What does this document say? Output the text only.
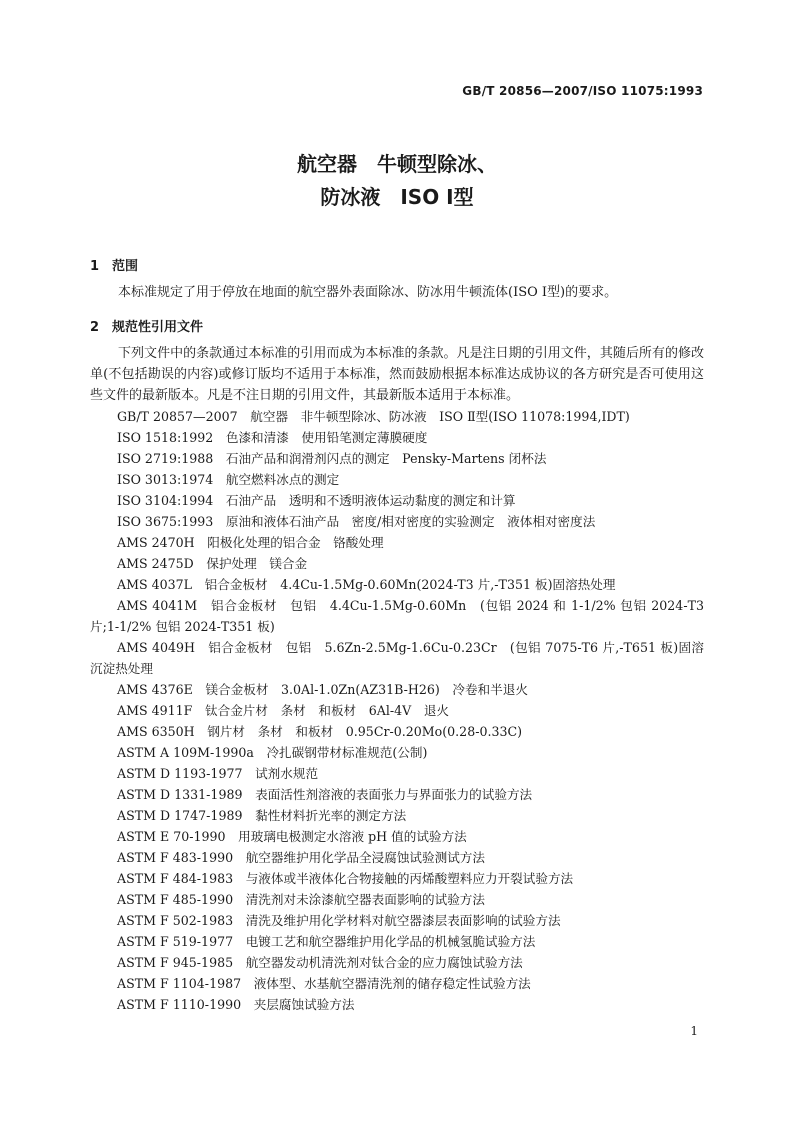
GB/T 20856—2007/ISO 11075:1993
航空器　牛顿型除冰、
防冰液　ISO Ⅰ型
1 范围
本标准规定了用于停放在地面的航空器外表面除冰、防冰用牛顿流体(ISO Ⅰ型)的要求。
2 规范性引用文件
下列文件中的条款通过本标准的引用而成为本标准的条款。凡是注日期的引用文件，其随后所有的修改单(不包括勘误的内容)或修订版均不适用于本标准，然而鼓励根据本标准达成协议的各方研究是否可使用这些文件的最新版本。凡是不注日期的引用文件，其最新版本适用于本标准。
GB/T 20857—2007　航空器　非牛顿型除冰、防冰液　ISO Ⅱ型(ISO 11078:1994,IDT)
ISO 1518:1992　色漆和清漆　使用铅笔测定薄膜硬度
ISO 2719:1988　石油产品和润滑剂闪点的测定　Pensky-Martens 闭杯法
ISO 3013:1974　航空燃料冰点的测定
ISO 3104:1994　石油产品　透明和不透明液体运动黏度的测定和计算
ISO 3675:1993　原油和液体石油产品　密度/相对密度的实验测定　液体相对密度法
AMS 2470H　阳极化处理的铝合金　铬酸处理
AMS 2475D　保护处理　镁合金
AMS 4037L　铝合金板材　4.4Cu-1.5Mg-0.60Mn(2024-T3 片,-T351 板)固溶热处理
AMS 4041M　铝合金板材　包铝　4.4Cu-1.5Mg-0.60Mn　(包铝 2024 和 1-1/2% 包铝 2024-T3 片;1-1/2% 包铝 2024-T351 板)
AMS 4049H　铝合金板材　包铝　5.6Zn-2.5Mg-1.6Cu-0.23Cr　(包铝 7075-T6 片,-T651 板)固溶沉淀热处理
AMS 4376E　镁合金板材　3.0Al-1.0Zn(AZ31B-H26)　冷卷和半退火
AMS 4911F　钛合金片材　条材　和板材　6Al-4V　退火
AMS 6350H　钢片材　条材　和板材　0.95Cr-0.20Mo(0.28-0.33C)
ASTM A 109M-1990a　冷扎碳钢带材标准规范(公制)
ASTM D 1193-1977　试剂水规范
ASTM D 1331-1989　表面活性剂溶液的表面张力与界面张力的试验方法
ASTM D 1747-1989　黏性材料折光率的测定方法
ASTM E 70-1990　用玻璃电极测定水溶液 pH 值的试验方法
ASTM F 483-1990　航空器维护用化学品全浸腐蚀试验测试方法
ASTM F 484-1983　与液体或半液体化合物接触的丙烯酸塑料应力开裂试验方法
ASTM F 485-1990　清洗剂对未涂漆航空器表面影响的试验方法
ASTM F 502-1983　清洗及维护用化学材料对航空器漆层表面影响的试验方法
ASTM F 519-1977　电镀工艺和航空器维护用化学品的机械氢脆试验方法
ASTM F 945-1985　航空器发动机清洗剂对钛合金的应力腐蚀试验方法
ASTM F 1104-1987　液体型、水基航空器清洗剂的储存稳定性试验方法
ASTM F 1110-1990　夹层腐蚀试验方法
1
